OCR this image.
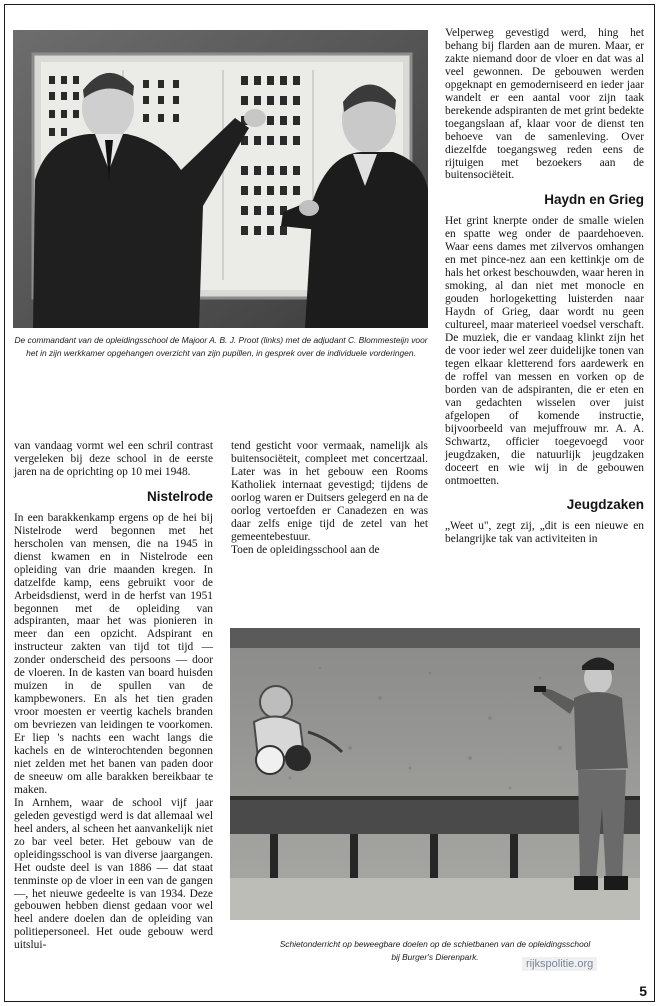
De commandant van de opleidingsschool de Majoor A. B. J. Proot (links) met de adjudant C. Blommesteijn voor het in zijn werkkamer opgehangen overzicht van zijn pupillen, in gesprek over de individuele vorderingen.

van vandaag vormt wel een schril contrast vergeleken bij deze school in de eerste jaren na de oprichting op 10 mei 1948.

Nistelrode

In een barakkenkamp ergens op de hei bij Nistelrode werd begonnen met het herscholen van mensen, die na 1945 in dienst kwamen en in Nistelrode een opleiding van drie maanden kregen. In datzelfde kamp, eens gebruikt voor de Arbeidsdienst, werd in de herfst van 1951 begonnen met de opleiding van adspiranten, maar het was pionieren in meer dan een opzicht. Adspirant en instructeur zakten van tijd tot tijd — zonder onderscheid des persoons — door de vloeren. In de kasten van board huisden muizen in de spullen van de kampbewoners. En als het tien graden vroor moesten er veertig kachels branden om bevriezen van leidingen te voorkomen. Er liep 's nachts een wacht langs die kachels en de winterochtenden begonnen niet zelden met het banen van paden door de sneeuw om alle barakken bereikbaar te maken.

In Arnhem, waar de school vijf jaar geleden gevestigd werd is dat allemaal wel heel anders, al scheen het aanvankelijk niet zo bar veel beter. Het gebouw van de opleidingsschool is van diverse jaargangen. Het oudste deel is van 1886 — dat staat tenminste op de vloer in een van de gangen —, het nieuwe gedeelte is van 1934. Deze gebouwen hebben dienst gedaan voor wel heel andere doelen dan de opleiding van politiepersoneel. Het oude gebouw werd uitslui-

tend gesticht voor vermaak, namelijk als buitensociëteit, compleet met concertzaal. Later was in het gebouw een Rooms Katholiek internaat gevestigd; tijdens de oorlog waren er Duitsers gelegerd en na de oorlog vertoefden er Canadezen en was daar zelfs enige tijd de zetel van het gemeentebestuur.

Toen de opleidingsschool aan de

Velperweg gevestigd werd, hing het behang bij flarden aan de muren. Maar, er zakte niemand door de vloer en dat was al veel gewonnen. De gebouwen werden opgeknapt en gemoderniseerd en ieder jaar wandelt er een aantal voor zijn taak berekende adspiranten de met grint bedekte toegangslaan af, klaar voor de dienst ten behoeve van de samenleving. Over diezelfde toegangsweg reden eens de rijtuigen met bezoekers aan de buitensociëteit.

Haydn en Grieg

Het grint knerpte onder de smalle wielen en spatte weg onder de paardehoeven. Waar eens dames met zilvervos omhangen en met pince-nez aan een kettinkje om de hals het orkest beschouwden, waar heren in smoking, al dan niet met monocle en gouden horlogeketting luisterden naar Haydn of Grieg, daar wordt nu geen cultureel, maar materieel voedsel verschaft. De muziek, die er vandaag klinkt zijn het de voor ieder wel zeer duidelijke tonen van tegen elkaar kletterend fors aardewerk en de roffel van messen en vorken op de borden van de adspiranten, die er eten en van gedachten wisselen over juist afgelopen of komende instructie, bijvoorbeeld van mejuffrouw mr. A. A. Schwartz, officier toegevoegd voor jeugdzaken, die natuurlijk jeugdzaken doceert en wie wij in de gebouwen ontmoetten.

Jeugdzaken

„Weet u", zegt zij, „dit is een nieuwe en belangrijke tak van activiteiten in

Schietonderricht op beweegbare doelen op de schietbanen van de opleidingsschool
bij Burger's Dierenpark.

rijkspolitie.org
5
